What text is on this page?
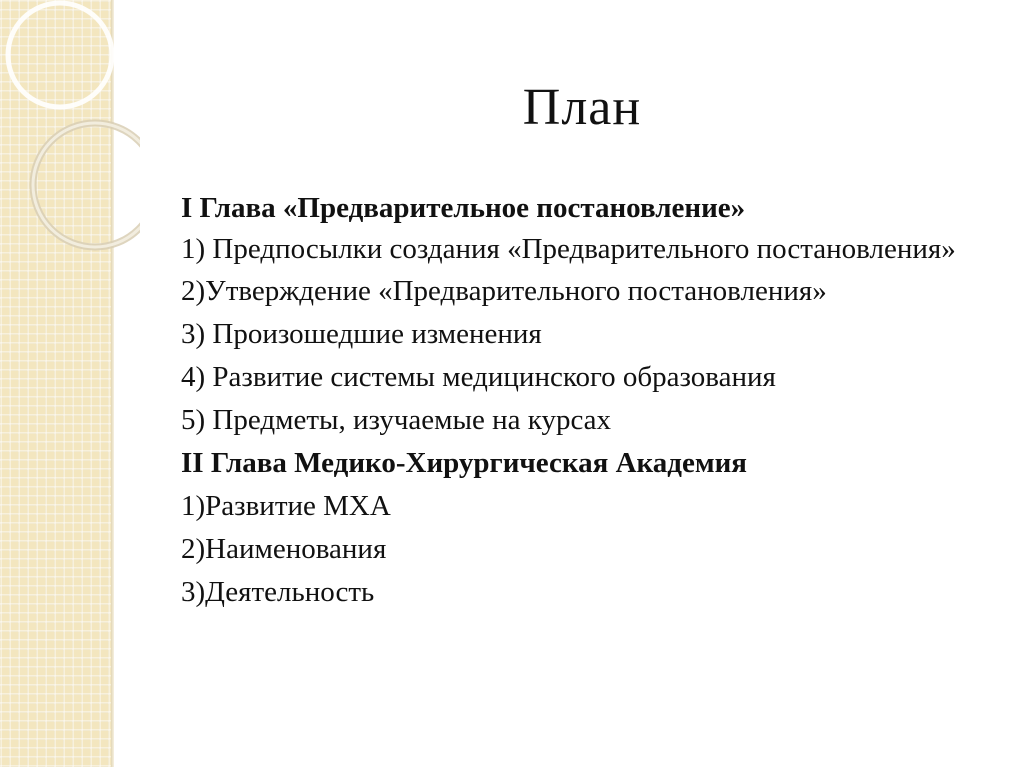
План
I Глава «Предварительное постановление»
1) Предпосылки создания «Предварительного постановления»
2)Утверждение «Предварительного постановления»
3) Произошедшие изменения
4) Развитие системы медицинского образования
5) Предметы, изучаемые на курсах
II Глава Медико-Хирургическая Академия
1)Развитие МХА
2)Наименования
3)Деятельность
